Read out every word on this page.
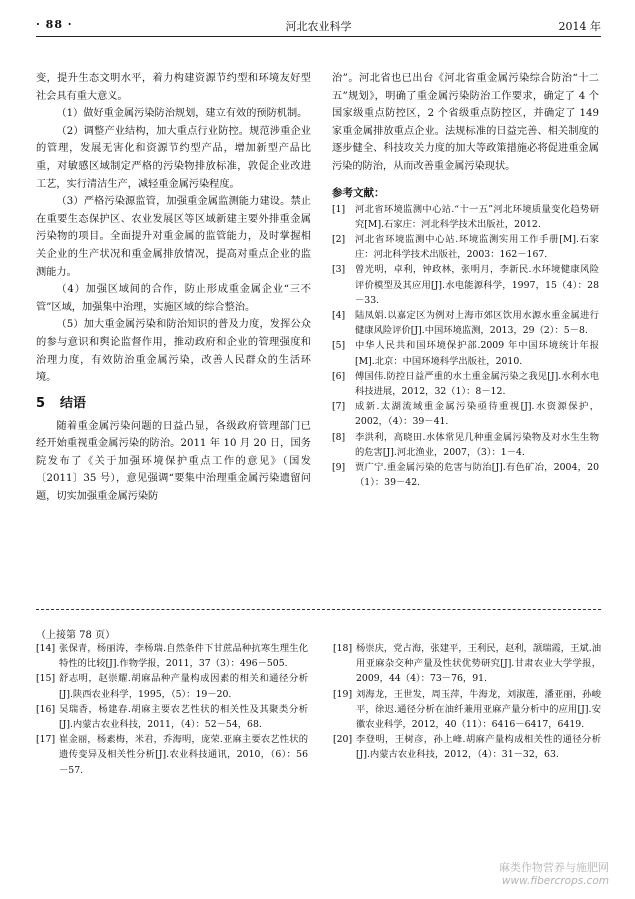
· 88 ·	河北农业科学	2014 年

变，提升生态文明水平，着力构建资源节约型和环境友好型社会具有重大意义。

（1）做好重金属污染防治规划，建立有效的预防机制。

（2）调整产业结构，加大重点行业防控。规范涉重企业的管理，发展无害化和资源节约型产品，增加新型产品比重，对敏感区域制定严格的污染物排放标准，敦促企业改进工艺，实行清洁生产，减轻重金属污染程度。

（3）严格污染源监管，加强重金属监测能力建设。禁止在重要生态保护区、农业发展区等区域新建主要外排重金属污染物的项目。全面提升对重金属的监管能力，及时掌握相关企业的生产状况和重金属排放情况，提高对重点企业的监测能力。

（4）加强区域间的合作，防止形成重金属企业“三不管”区域，加强集中治理，实施区域的综合整治。

（5）加大重金属污染和防治知识的普及力度，发挥公众的参与意识和舆论监督作用，推动政府和企业的管理强度和治理力度，有效防治重金属污染，改善人民群众的生活环境。

5 结语

随着重金属污染问题的日益凸显，各级政府管理部门已经开始重视重金属污染的防治。2011 年 10 月 20 日，国务院发布了《关于加强环境保护重点工作的意见》（国发〔2011〕35 号），意见强调“要集中治理重金属污染遗留问题，切实加强重金属污染防

治”。河北省也已出台《河北省重金属污染综合防治“十二五”规划》，明确了重金属污染防治工作要求，确定了 4 个国家级重点防控区，2 个省级重点防控区，并确定了 149 家重金属排放重点企业。法规标准的日益完善、相关制度的逐步健全、科技攻关力度的加大等政策措施必将促进重金属污染的防治，从而改善重金属污染现状。

参考文献：
[1]	河北省环境监测中心站.“十一五”河北环境质量变化趋势研究[M].石家庄：河北科学技术出版社，2012.
[2]	河北省环境监测中心站.环境监测实用工作手册[M].石家庄：河北科学技术出版社，2003：162－167.
[3]	曾光明，卓利，钟政林，张明月，李新民.水环境健康风险评价模型及其应用[J].水电能源科学，1997，15（4）：28－33.
[4]	陆凤娟.以嘉定区为例对上海市郊区饮用水源水重金属进行健康风险评价[J].中国环境监测，2013，29（2）：5－8.
[5]	中华人民共和国环境保护部.2009 年中国环境统计年报[M].北京：中国环境科学出版社，2010.
[6]	傅国伟.防控日益严重的水土重金属污染之我见[J].水利水电科技进展，2012，32（1）：8－12.
[7]	成新.太湖流域重金属污染亟待重视[J].水资源保护，2002，（4）：39－41.
[8]	李洪利，高晓田.水体常见几种重金属污染物及对水生生物的危害[J].河北渔业，2007，（3）：1－4.
[9]	贾广宁.重金属污染的危害与防治[J].有色矿冶，2004，20（1）：39－42.
（上接第 78 页）
[14] 张保青，杨丽涛，李杨瑞.自然条件下甘蔗品种抗寒生理生化特性的比较[J].作物学报，2011，37（3）：496－505.
[15] 舒志明，赵崇耀.胡麻品种产量构成因素的相关和通径分析[J].陕西农业科学，1995，（5）：19－20.
[16] 吴瑞香，杨建春.胡麻主要农艺性状的相关性及其聚类分析[J].内蒙古农业科技，2011，（4）：52－54，68.
[17] 崔金丽，杨素梅，米君，乔海明，庞荣.亚麻主要农艺性状的遗传变异及相关性分析[J].农业科技通讯，2010，（6）：56－57.
[18] 杨崇庆，党占海，张建平，王利民，赵利，颉瑞霞，王斌.油用亚麻杂交种产量及性状优势研究[J].甘肃农业大学学报，2009，44（4）：73－76，91.
[19] 刘海龙，王世发，周玉萍，牛海龙，刘淑莲，潘亚丽，孙峻平，徐迟.通径分析在油纤兼用亚麻产量分析中的应用[J].安徽农业科学，2012，40（11）：6416－6417，6419.
[20] 李登明，王树彦，孙上峰.胡麻产量构成相关性的通径分析[J].内蒙古农业科技，2012，（4）：31－32，63.
麻类作物营养与施肥网
www.fibercrops.com
